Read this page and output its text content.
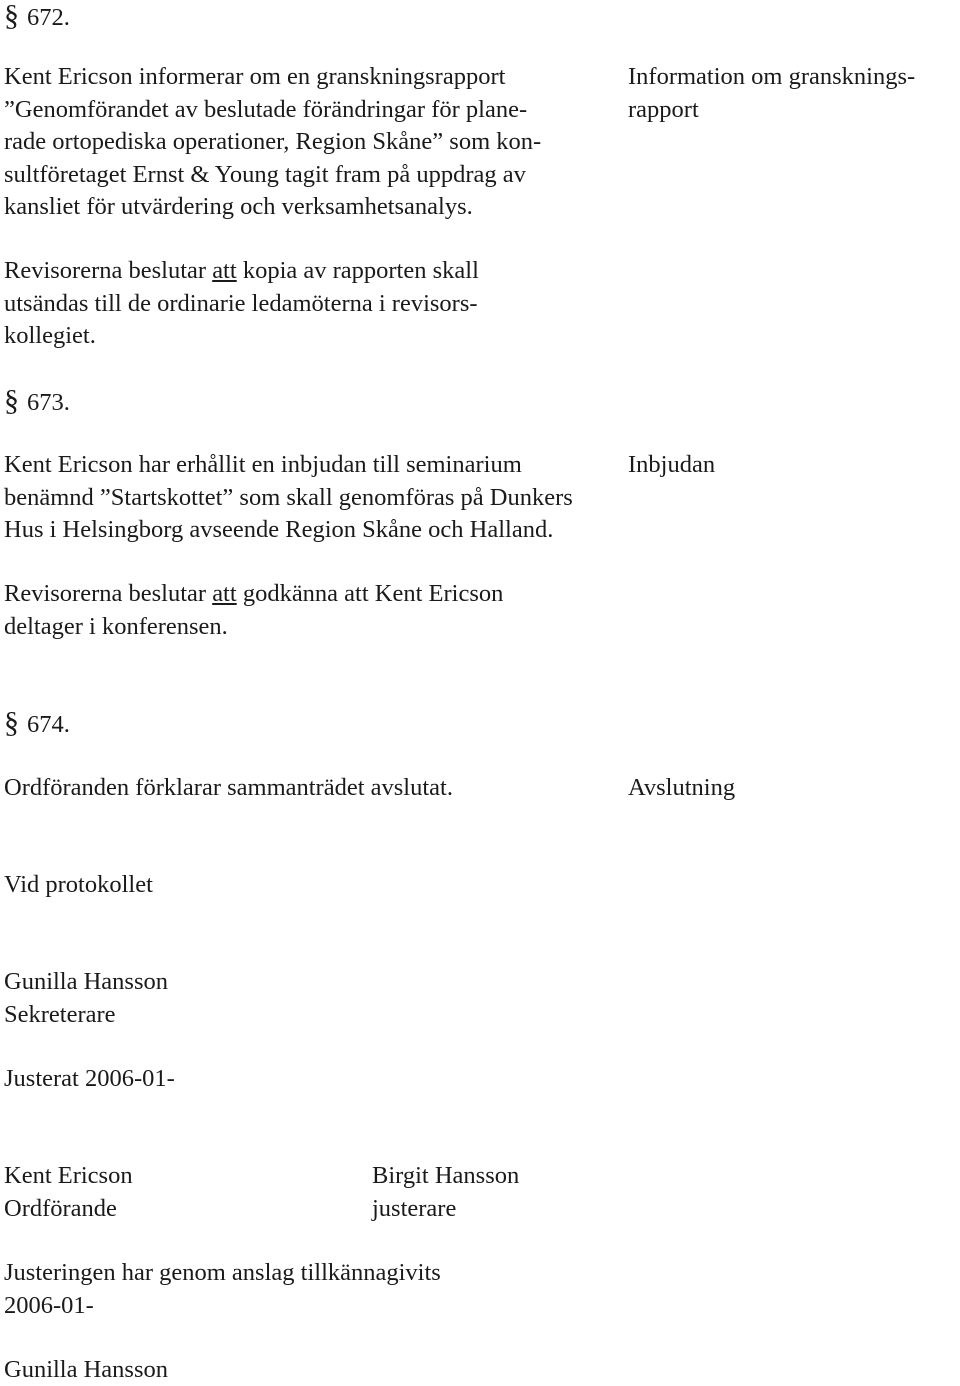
§ 672.
Kent Ericson informerar om en granskningsrapport
”Genomförandet av beslutade förändringar för plane-
rade ortopediska operationer, Region Skåne” som kon-
sultföretaget Ernst & Young tagit fram på uppdrag av
kansliet för utvärdering och verksamhetsanalys.
Information om gransknings-
rapport
Revisorerna beslutar att kopia av rapporten skall
utsändas till de ordinarie ledamöterna i revisors-
kollegiet.
§ 673.
Kent Ericson har erhållit en inbjudan till seminarium
benämnd ”Startskottet” som skall genomföras på Dunkers
Hus i Helsingborg avseende Region Skåne och Halland.
Inbjudan
Revisorerna beslutar att godkänna att Kent Ericson
deltager i konferensen.
§ 674.
Ordföranden förklarar sammanträdet avslutat.	Avslutning
Vid protokollet
Gunilla Hansson
Sekreterare
Justerat 2006-01-
Kent Ericson
Ordförande
Birgit Hansson
justerare
Justeringen har genom anslag tillkännagivits
2006-01-
Gunilla Hansson
